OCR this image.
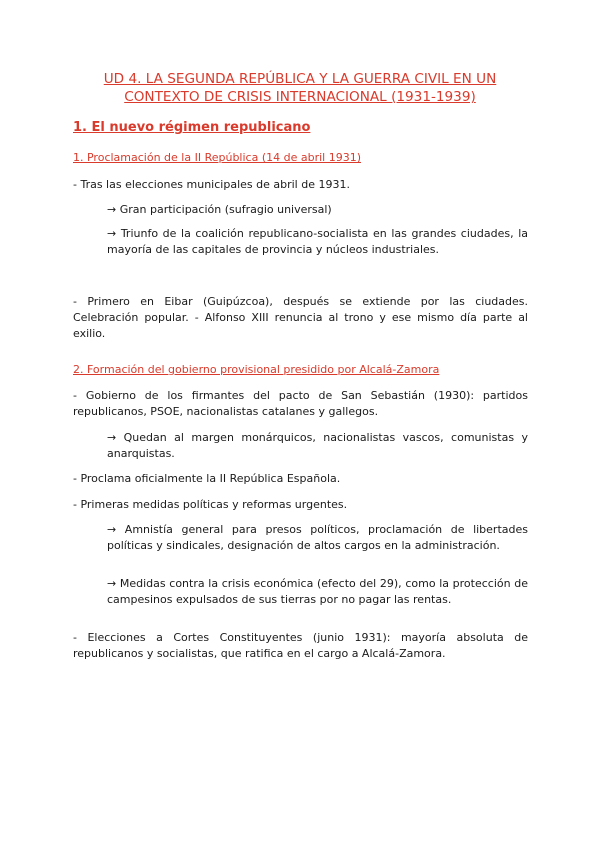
UD 4. LA SEGUNDA REPÚBLICA Y LA GUERRA CIVIL EN UN
CONTEXTO DE CRISIS INTERNACIONAL (1931-1939)
1. El nuevo régimen republicano
1. Proclamación de la II República (14 de abril 1931)
- Tras las elecciones municipales de abril de 1931.
→ Gran participación (sufragio universal)
→ Triunfo de la coalición republicano-socialista en las grandes ciudades, la mayoría de las capitales de provincia y núcleos industriales.
- Primero en Eibar (Guipúzcoa), después se extiende por las ciudades. Celebración popular. - Alfonso XIII renuncia al trono y ese mismo día parte al exilio.
2. Formación del gobierno provisional presidido por Alcalá-Zamora
- Gobierno de los firmantes del pacto de San Sebastián (1930): partidos republicanos, PSOE, nacionalistas catalanes y gallegos.
→ Quedan al margen monárquicos, nacionalistas vascos, comunistas y anarquistas.
- Proclama oficialmente la II República Española.
- Primeras medidas políticas y reformas urgentes.
→ Amnistía general para presos políticos, proclamación de libertades políticas y sindicales, designación de altos cargos en la administración.
→ Medidas contra la crisis económica (efecto del 29), como la protección de campesinos expulsados de sus tierras por no pagar las rentas.
- Elecciones a Cortes Constituyentes (junio 1931): mayoría absoluta de republicanos y socialistas, que ratifica en el cargo a Alcalá-Zamora.
